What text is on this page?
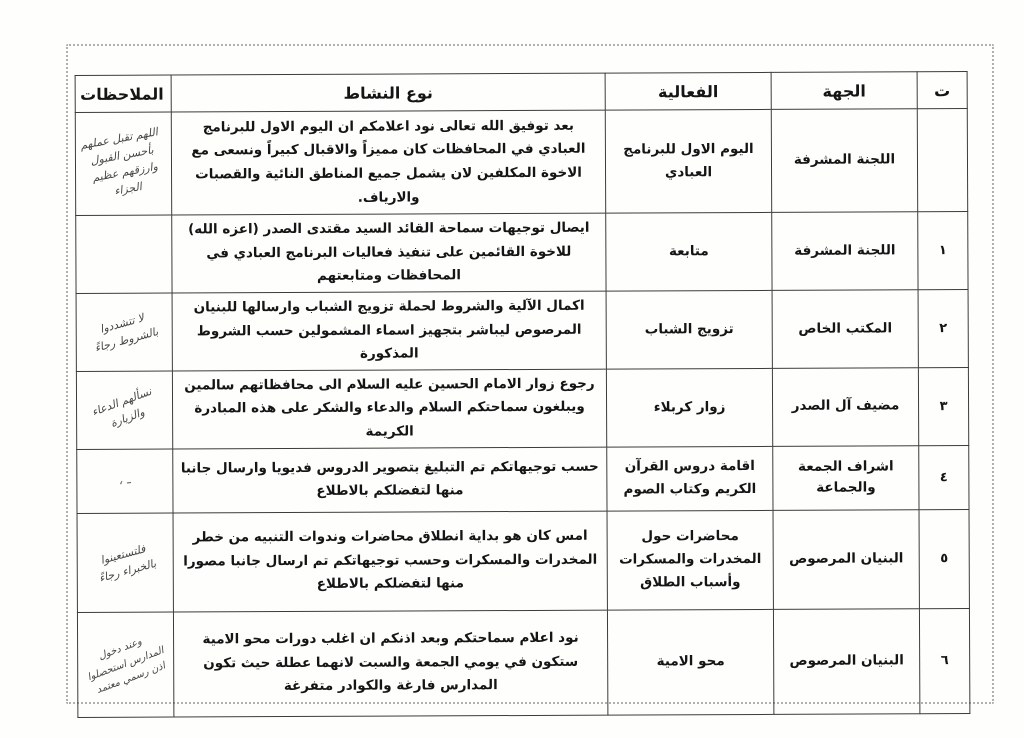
ت	الجهة	الفعالية	نوع النشاط	الملاحظات
	اللجنة المشرفة	اليوم الاول للبرنامج العبادي	بعد توفيق الله تعالى نود اعلامكم ان اليوم الاول للبرنامج العبادي في المحافظات كان مميزاً والاقبال كبيراً ونسعى مع الاخوة المكلفين لان يشمل جميع المناطق النائية والقصبات والارياف.	اللهم تقبل عملهم بأحسن القبول وارزقهم عظيم الجزاء
١	اللجنة المشرفة	متابعة	ايصال توجيهات سماحة القائد السيد مقتدى الصدر (اعزه الله) للاخوة القائمين على تنفيذ فعاليات البرنامج العبادي في المحافظات ومتابعتهم	
٢	المكتب الخاص	تزويج الشباب	اكمال الآلية والشروط لحملة تزويج الشباب وارسالها للبنيان المرصوص ليباشر بتجهيز اسماء المشمولين حسب الشروط المذكورة	لا تتشددوا بالشروط رجاءً
٣	مضيف آل الصدر	زوار كربلاء	رجوع زوار الامام الحسين عليه السلام الى محافظاتهم سالمين ويبلغون سماحتكم السلام والدعاء والشكر على هذه المبادرة الكريمة	نسألهم الدعاء والزيارة
٤	اشراف الجمعة والجماعة	اقامة دروس القرآن الكريم وكتاب الصوم	حسب توجيهاتكم تم التبليغ بتصوير الدروس فديويا وارسال جانبا منها لتفضلكم بالاطلاع	ـ ،
٥	البنيان المرصوص	محاضرات حول المخدرات والمسكرات وأسباب الطلاق	امس كان هو بداية انطلاق محاضرات وندوات التنبيه من خطر المخدرات والمسكرات وحسب توجيهاتكم تم ارسال جانبا مصورا منها لتفضلكم بالاطلاع	فلتستعينوا بالخبراء رجاءً
٦	البنيان المرصوص	محو الامية	نود اعلام سماحتكم وبعد اذنكم ان اغلب دورات محو الامية ستكون في يومي الجمعة والسبت لانهما عطلة حيث تكون المدارس فارغة والكوادر متفرغة	وعند دخول المدارس استحصلوا اذن رسمي معتمد
